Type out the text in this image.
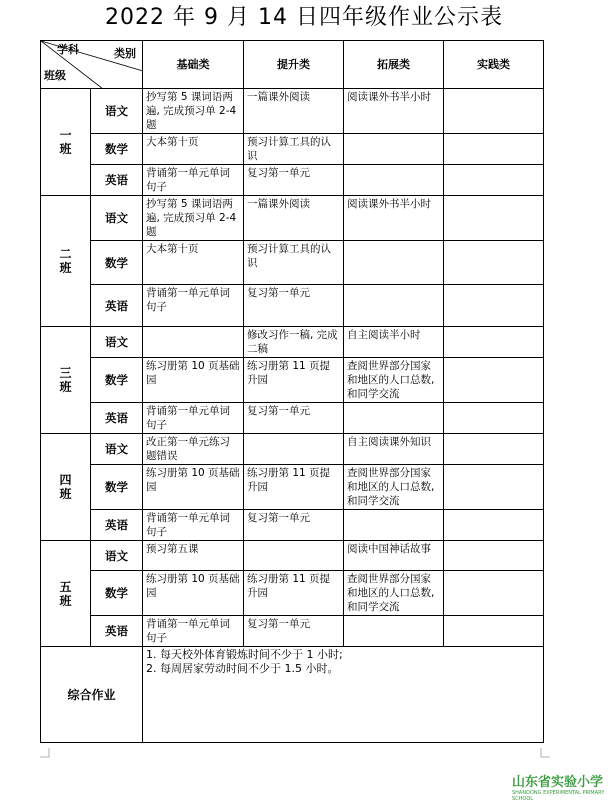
2022 年 9 月 14 日四年级作业公示表
学科 类别
班级		基础类	提升类	拓展类	实践类
一
班	语文	抄写第 5 课词语两遍, 完成预习单 2-4 题	一篇课外阅读	阅读课外书半小时	
	数学	大本第十页	预习计算工具的认识		
	英语	背诵第一单元单词句子	复习第一单元		
二
班	语文	抄写第 5 课词语两遍, 完成预习单 2-4 题	一篇课外阅读	阅读课外书半小时	
	数学	大本第十页	预习计算工具的认识		
	英语	背诵第一单元单词句子	复习第一单元		
三
班	语文		修改习作一稿, 完成二稿	自主阅读半小时	
	数学	练习册第 10 页基础园	练习册第 11 页提升园	查阅世界部分国家和地区的人口总数, 和同学交流	
	英语	背诵第一单元单词句子	复习第一单元		
四
班	语文	改正第一单元练习题错误		自主阅读课外知识	
	数学	练习册第 10 页基础园	练习册第 11 页提升园	查阅世界部分国家和地区的人口总数, 和同学交流	
	英语	背诵第一单元单词句子	复习第一单元		
五
班	语文	预习第五课		阅读中国神话故事	
	数学	练习册第 10 页基础园	练习册第 11 页提升园	查阅世界部分国家和地区的人口总数, 和同学交流	
	英语	背诵第一单元单词句子	复习第一单元		
综合作业		1. 每天校外体育锻炼时间不少于 1 小时;
2. 每周居家劳动时间不少于 1.5 小时。			
山东省实验小学
SHANDONG EXPERIMENTAL PRIMARY SCHOOL
